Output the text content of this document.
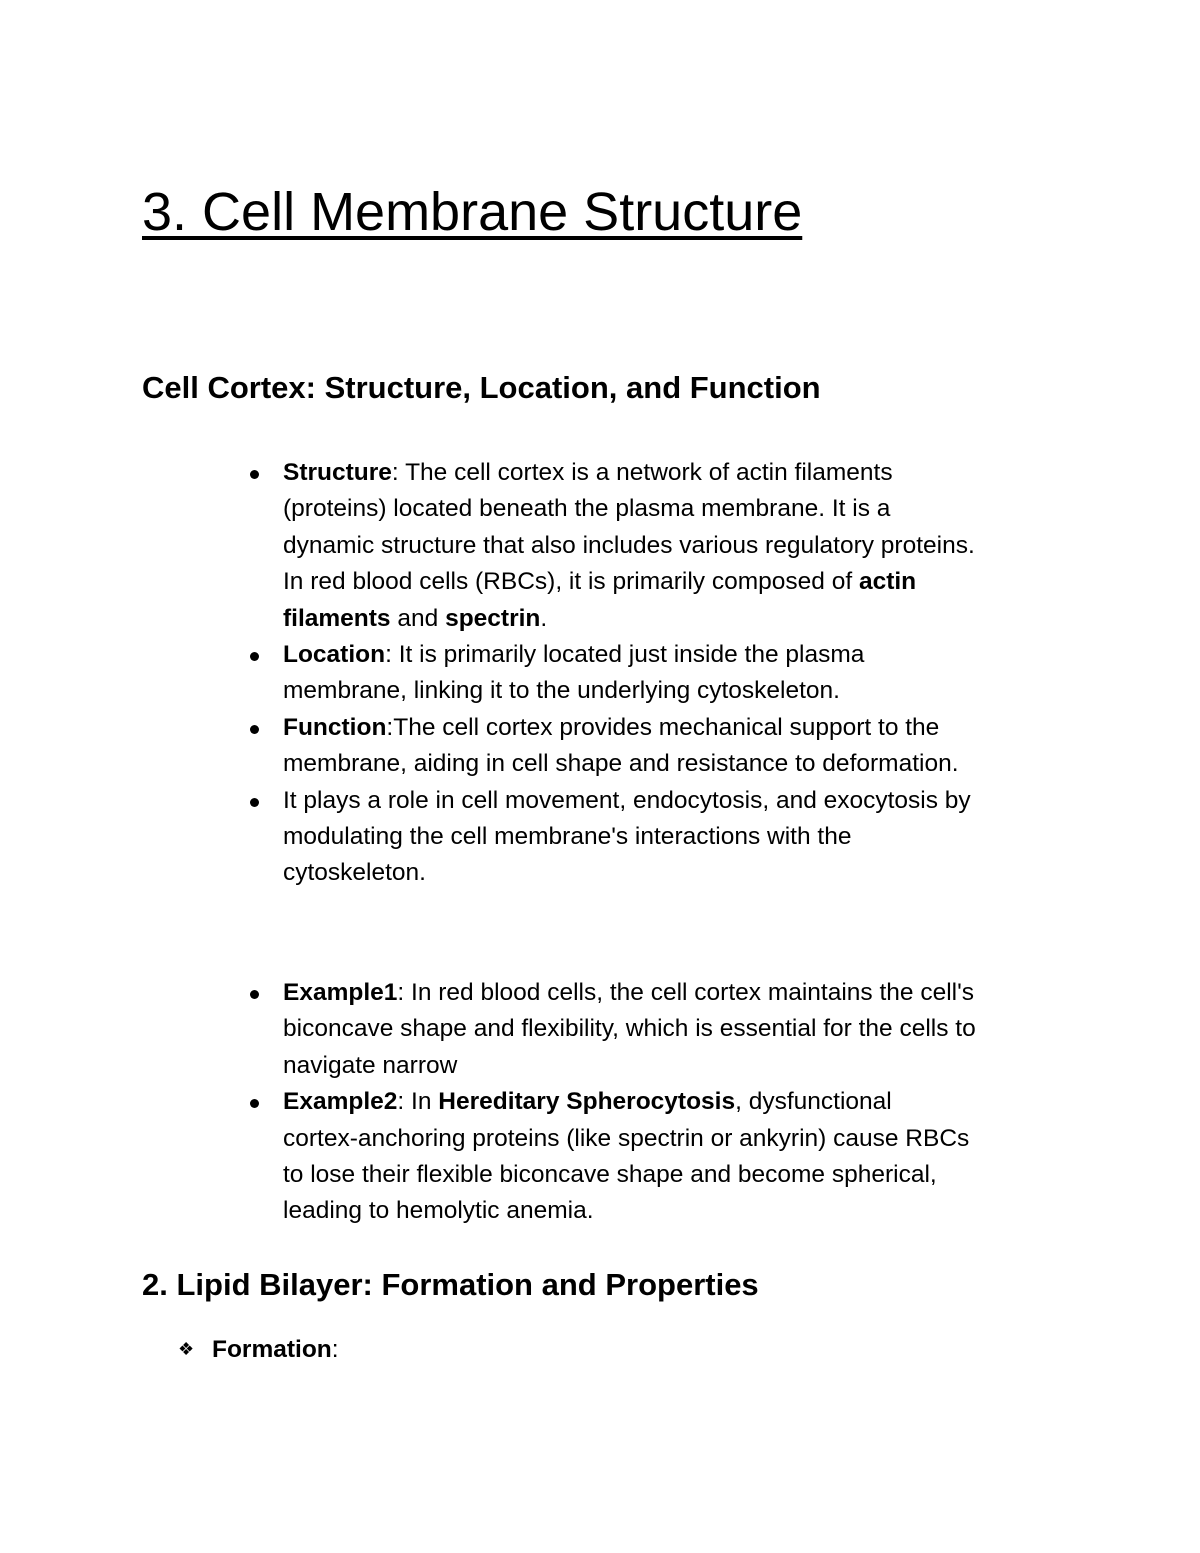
3. Cell Membrane Structure
Cell Cortex: Structure, Location, and Function
Structure: The cell cortex is a network of actin filaments
(proteins) located beneath the plasma membrane. It is a
dynamic structure that also includes various regulatory proteins.
In red blood cells (RBCs), it is primarily composed of actin
filaments and spectrin.
Location: It is primarily located just inside the plasma
membrane, linking it to the underlying cytoskeleton.
Function:The cell cortex provides mechanical support to the
membrane, aiding in cell shape and resistance to deformation.
It plays a role in cell movement, endocytosis, and exocytosis by
modulating the cell membrane's interactions with the
cytoskeleton.
Example1: In red blood cells, the cell cortex maintains the cell's
biconcave shape and flexibility, which is essential for the cells to
navigate narrow
Example2: In Hereditary Spherocytosis, dysfunctional
cortex-anchoring proteins (like spectrin or ankyrin) cause RBCs
to lose their flexible biconcave shape and become spherical,
leading to hemolytic anemia.
2. Lipid Bilayer: Formation and Properties
❖ Formation:
